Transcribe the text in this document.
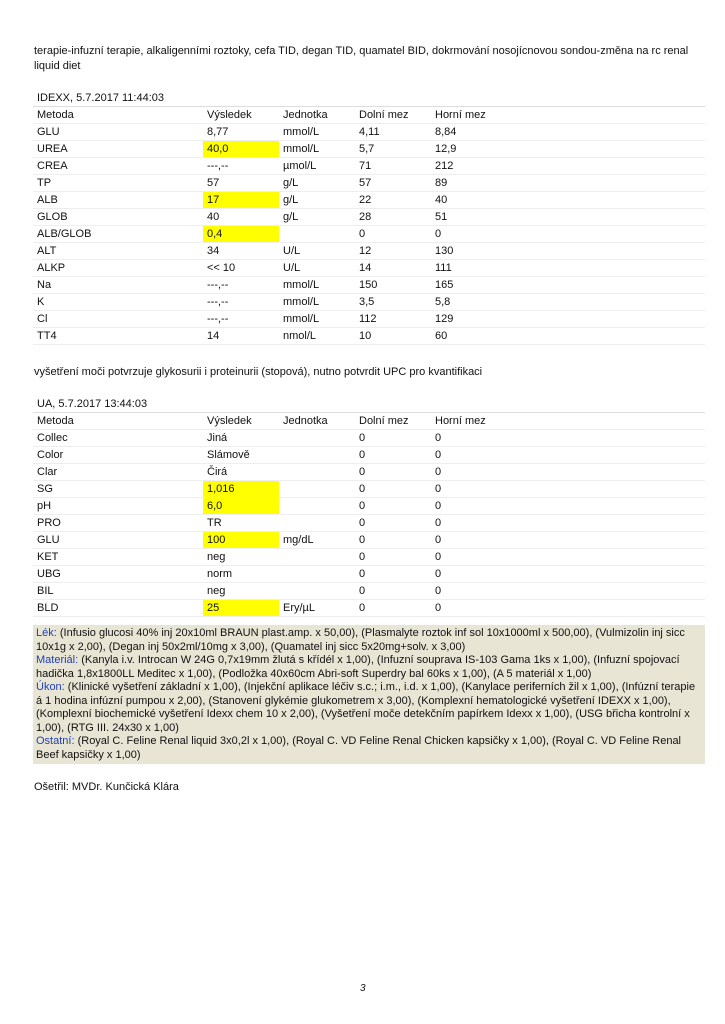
terapie-infuzní terapie, alkaligenními roztoky, cefa TID, degan TID, quamatel BID, dokrmování nosojícnovou sondou-změna na rc renal liquid diet
IDEXX, 5.7.2017 11:44:03				
Metoda	Výsledek	Jednotka	Dolní mez	Horní mez
GLU	8,77	mmol/L	4,11	8,84
UREA	40,0	mmol/L	5,7	12,9
CREA	---,--	µmol/L	71	212
TP	57	g/L	57	89
ALB	17	g/L	22	40
GLOB	40	g/L	28	51
ALB/GLOB	0,4		0	0
ALT	34	U/L	12	130
ALKP	<< 10	U/L	14	111
Na	---,--	mmol/L	150	165
K	---,--	mmol/L	3,5	5,8
Cl	---,--	mmol/L	112	129
TT4	14	nmol/L	10	60
vyšetření moči potvrzuje glykosurii i proteinurii (stopová), nutno potvrdit UPC pro kvantifikaci
UA, 5.7.2017 13:44:03				
Metoda	Výsledek	Jednotka	Dolní mez	Horní mez
Collec	Jiná		0	0
Color	Slámově		0	0
Clar	Čirá		0	0
SG	1,016		0	0
pH	6,0		0	0
PRO	TR		0	0
GLU	100	mg/dL	0	0
KET	neg		0	0
UBG	norm		0	0
BIL	neg		0	0
BLD	25	Ery/µL	0	0
Lék: (Infusio glucosi 40% inj 20x10ml BRAUN plast.amp. x 50,00), (Plasmalyte roztok inf sol 10x1000ml x 500,00), (Vulmizolin inj sicc 10x1g x 2,00), (Degan inj 50x2ml/10mg x 3,00), (Quamatel inj sicc 5x20mg+solv. x 3,00)
Materiál: (Kanyla i.v. Introcan W 24G 0,7x19mm žlutá s křídél x 1,00), (Infuzní souprava IS-103 Gama 1ks x 1,00), (Infuzní spojovací hadička 1,8x1800LL Meditec x 1,00), (Podložka 40x60cm Abri-soft Superdry bal 60ks x 1,00), (A 5 materiál x 1,00)
Úkon: (Klinické vyšetření základní x 1,00), (Injekční aplikace léčiv s.c.; i.m., i.d. x 1,00), (Kanylace periferních žil x 1,00), (Infúzní terapie á 1 hodina infúzní pumpou x 2,00), (Stanovení glykémie glukometrem x 3,00), (Komplexní hematologické vyšetření IDEXX x 1,00), (Komplexní biochemické vyšetření Idexx chem 10 x 2,00), (Vyšetření moče detekčním papírkem Idexx x 1,00), (USG břicha kontrolní x 1,00), (RTG III. 24x30 x 1,00)
Ostatní: (Royal C. Feline Renal liquid 3x0,2l x 1,00), (Royal C. VD Feline Renal Chicken kapsičky x 1,00), (Royal C. VD Feline Renal Beef kapsičky x 1,00)
Ošetřil: MVDr. Kunčická Klára
3
